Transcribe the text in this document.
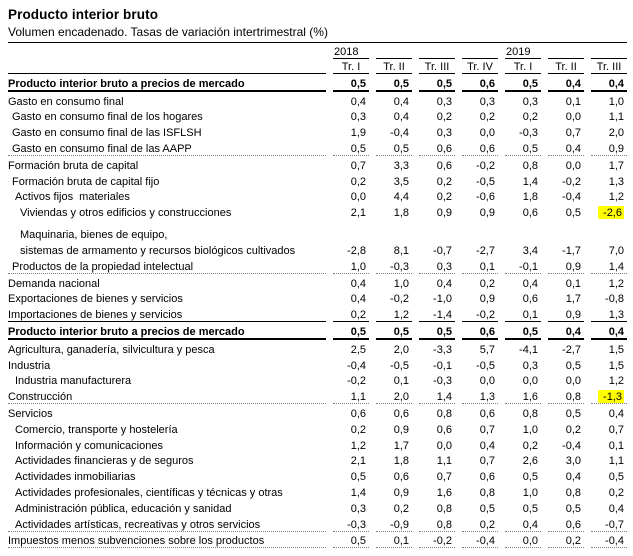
Producto interior bruto
Volumen encadenado. Tasas de variación intertrimestral (%)
	2018				2019		
	Tr. I	Tr. II	Tr. III	Tr. IV	Tr. I	Tr. II	Tr. III
Producto interior bruto a precios de mercado	0,5	0,5	0,5	0,6	0,5	0,4	0,4
Gasto en consumo final	0,4	0,4	0,3	0,3	0,3	0,1	1,0
Gasto en consumo final de los hogares	0,3	0,4	0,2	0,2	0,2	0,0	1,1
Gasto en consumo final de las ISFLSH	1,9	-0,4	0,3	0,0	-0,3	0,7	2,0
Gasto en consumo final de las AAPP	0,5	0,5	0,6	0,6	0,5	0,4	0,9
Formación bruta de capital	0,7	3,3	0,6	-0,2	0,8	0,0	1,7
Formación bruta de capital fijo	0,2	3,5	0,2	-0,5	1,4	-0,2	1,3
Activos fijos  materiales	0,0	4,4	0,2	-0,6	1,8	-0,4	1,2
Viviendas y otros edificios y construcciones	2,1	1,8	0,9	0,9	0,6	0,5	-2,6
Maquinaria, bienes de equipo,							
sistemas de armamento y recursos biológicos cultivados	-2,8	8,1	-0,7	-2,7	3,4	-1,7	7,0
Productos de la propiedad intelectual	1,0	-0,3	0,3	0,1	-0,1	0,9	1,4
Demanda nacional	0,4	1,0	0,4	0,2	0,4	0,1	1,2
Exportaciones de bienes y servicios	0,4	-0,2	-1,0	0,9	0,6	1,7	-0,8
Importaciones de bienes y servicios	0,2	1,2	-1,4	-0,2	0,1	0,9	1,3
Producto interior bruto a precios de mercado	0,5	0,5	0,5	0,6	0,5	0,4	0,4
Agricultura, ganadería, silvicultura y pesca	2,5	2,0	-3,3	5,7	-4,1	-2,7	1,5
Industria	-0,4	-0,5	-0,1	-0,5	0,3	0,5	1,5
Industria manufacturera	-0,2	0,1	-0,3	0,0	0,0	0,0	1,2
Construcción	1,1	2,0	1,4	1,3	1,6	0,8	-1,3
Servicios	0,6	0,6	0,8	0,6	0,8	0,5	0,4
Comercio, transporte y hostelería	0,2	0,9	0,6	0,7	1,0	0,2	0,7
Información y comunicaciones	1,2	1,7	0,0	0,4	0,2	-0,4	0,1
Actividades financieras y de seguros	2,1	1,8	1,1	0,7	2,6	3,0	1,1
Actividades inmobiliarias	0,5	0,6	0,7	0,6	0,5	0,4	0,5
Actividades profesionales, científicas y técnicas y otras	1,4	0,9	1,6	0,8	1,0	0,8	0,2
Administración pública, educación y sanidad	0,3	0,2	0,8	0,5	0,5	0,5	0,4
Actividades artísticas, recreativas y otros servicios	-0,3	-0,9	0,8	0,2	0,4	0,6	-0,7
Impuestos menos subvenciones sobre los productos	0,5	0,1	-0,2	-0,4	0,0	0,2	-0,4
